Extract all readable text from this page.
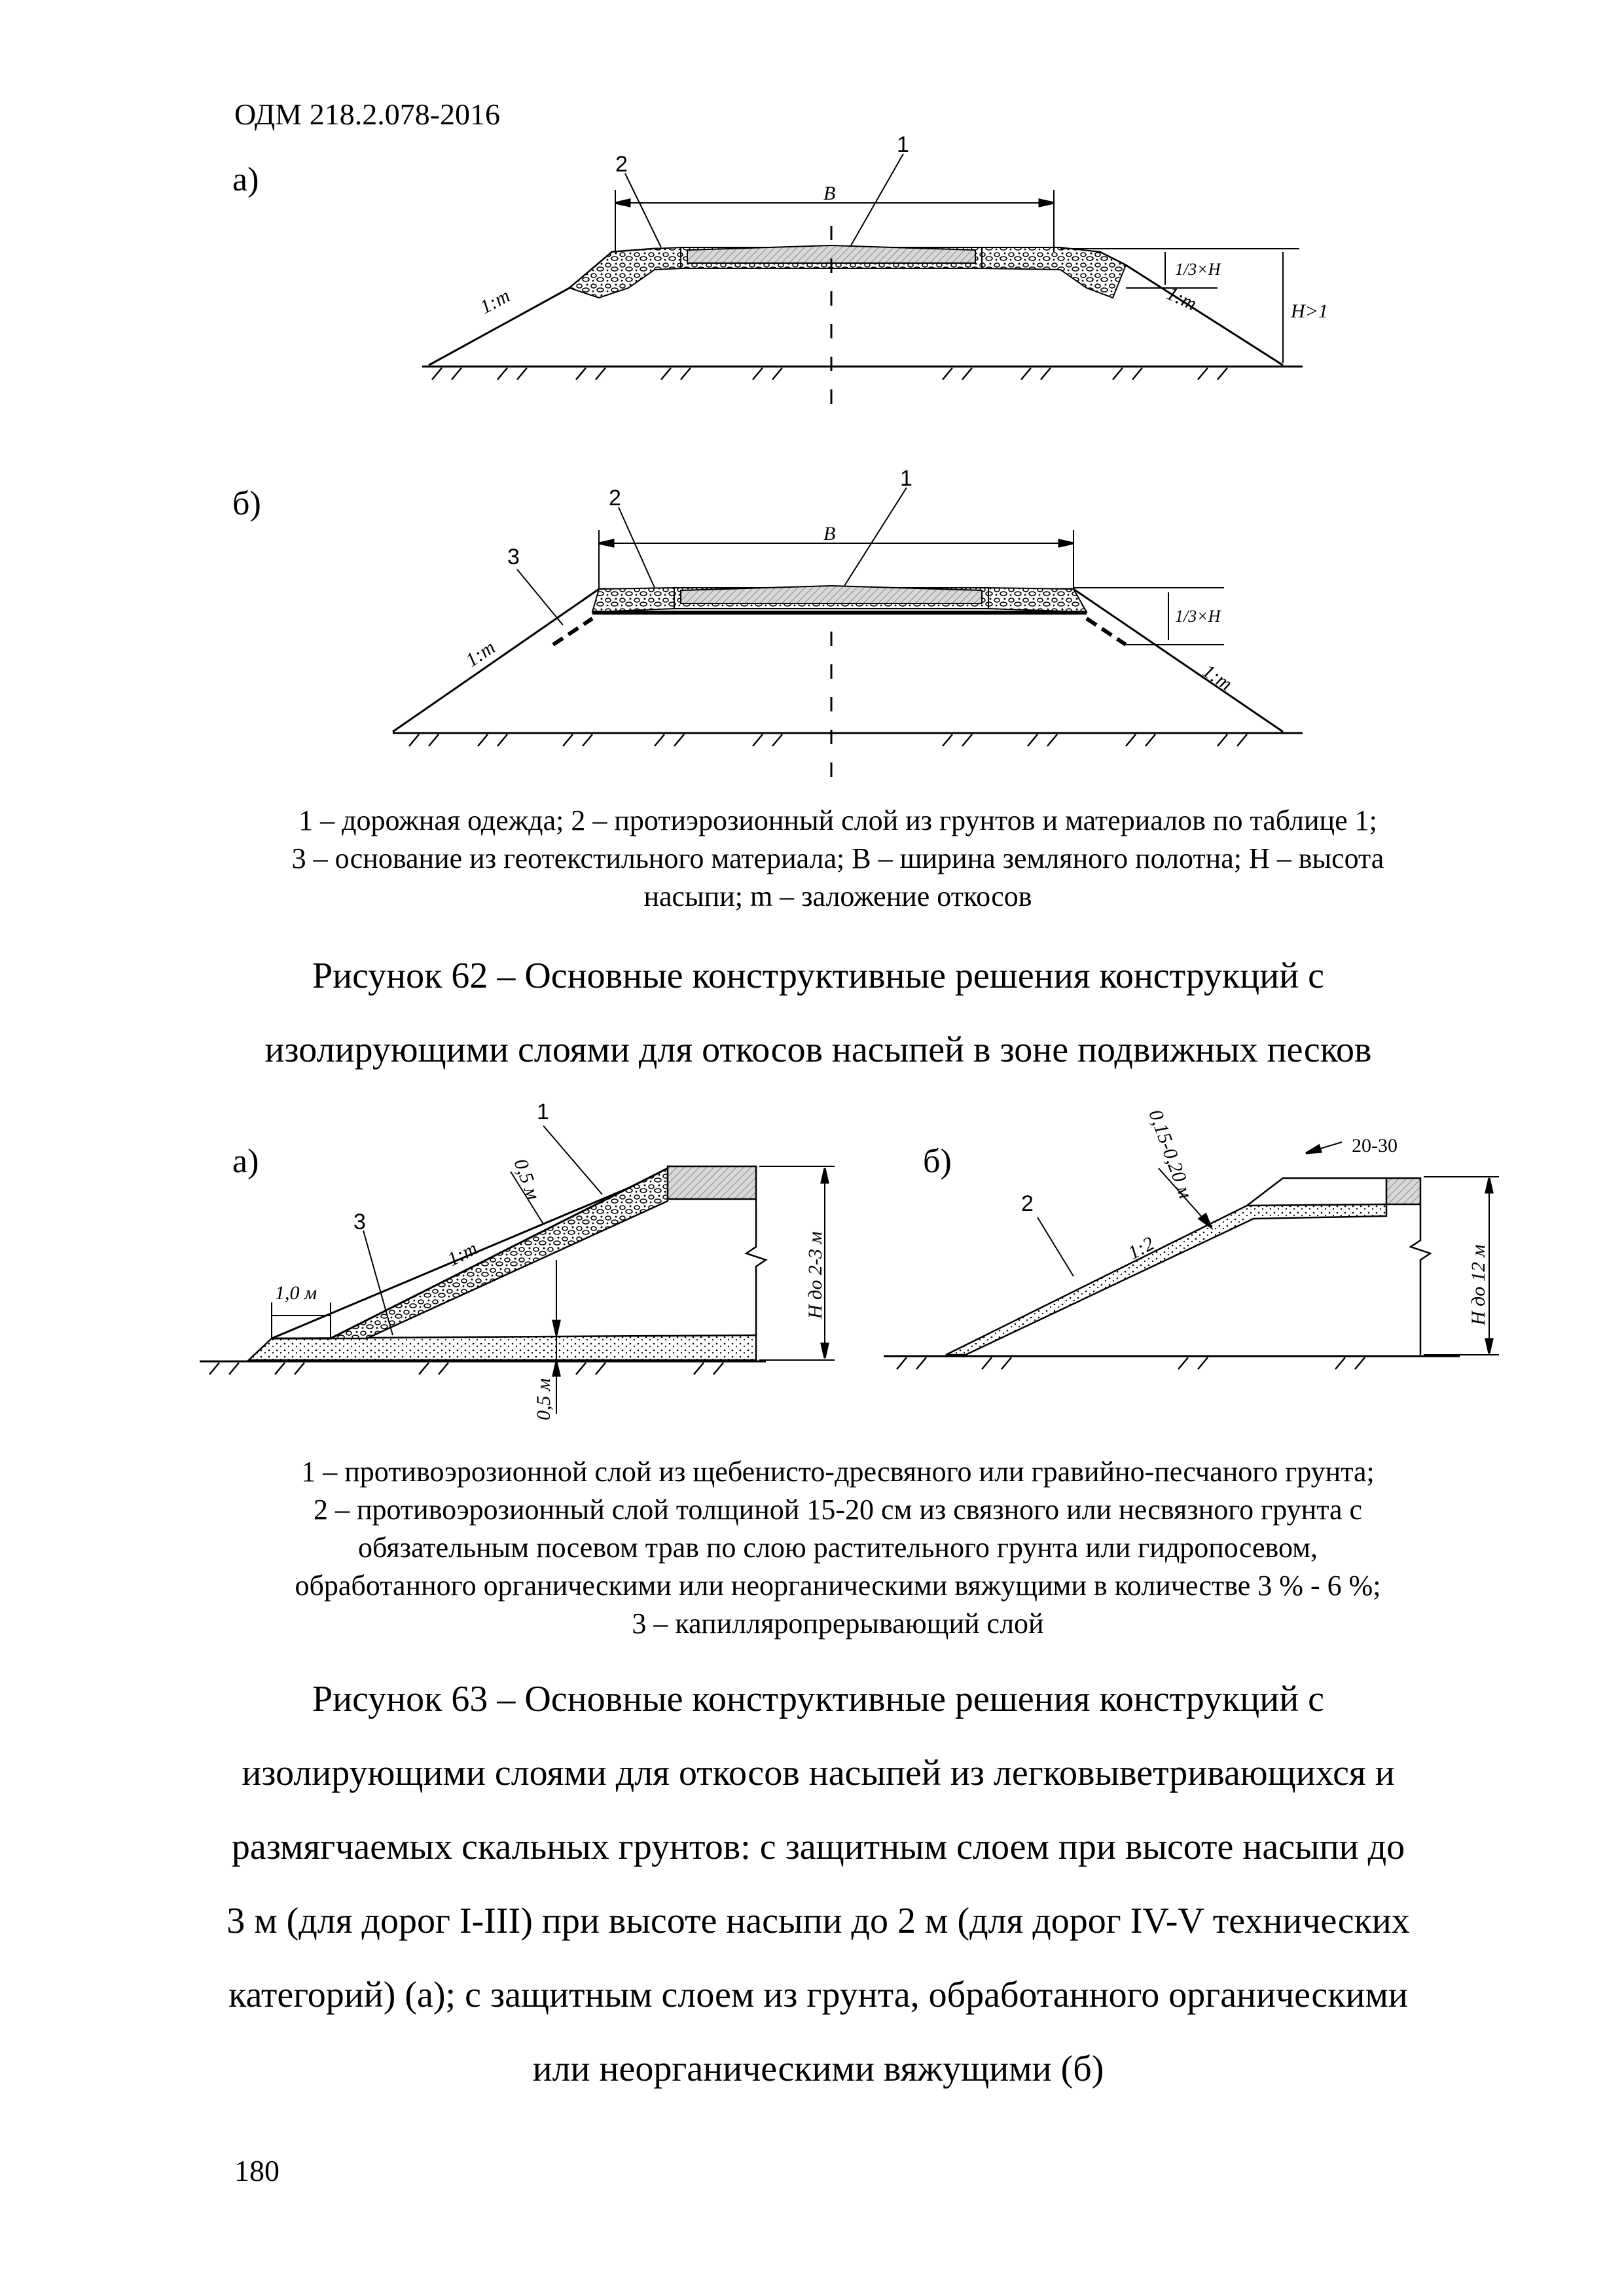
ОДМ 218.2.078-2016
а)
б)
а)	б)
B
2
1
1:m	1:m
1/3×H
H>1
B
2
1
3
1:m
1:m
1/3×H
1
3
0,5 м
1:m
1,0 м
0,5 м
H до 2-3 м
2
0,15-0,20 м
1:2
20-30
H до 12 м
1 – дорожная одежда; 2 – протиэрозионный слой из грунтов и материалов по таблице 1;
3 – основание из геотекстильного материала; В – ширина земляного полотна; Н – высота
насыпи; m – заложение откосов
Рисунок 62 – Основные конструктивные решения конструкций с
изолирующими слоями для откосов насыпей в зоне подвижных песков
1 – противоэрозионной слой из щебенисто-дресвяного или гравийно-песчаного грунта;
2 – противоэрозионный слой толщиной 15-20 см из связного или несвязного грунта с
обязательным посевом трав по слою растительного грунта или гидропосевом,
обработанного органическими или неорганическими вяжущими в количестве 3 % - 6 %;
3 – капилляропрерывающий слой
Рисунок 63 – Основные конструктивные решения конструкций с
изолирующими слоями для откосов насыпей из легковыветривающихся и
размягчаемых скальных грунтов: с защитным слоем при высоте насыпи до
3 м (для дорог I-III) при высоте насыпи до 2 м (для дорог IV-V технических
категорий) (а); с защитным слоем из грунта, обработанного органическими
или неорганическими вяжущими (б)
180
